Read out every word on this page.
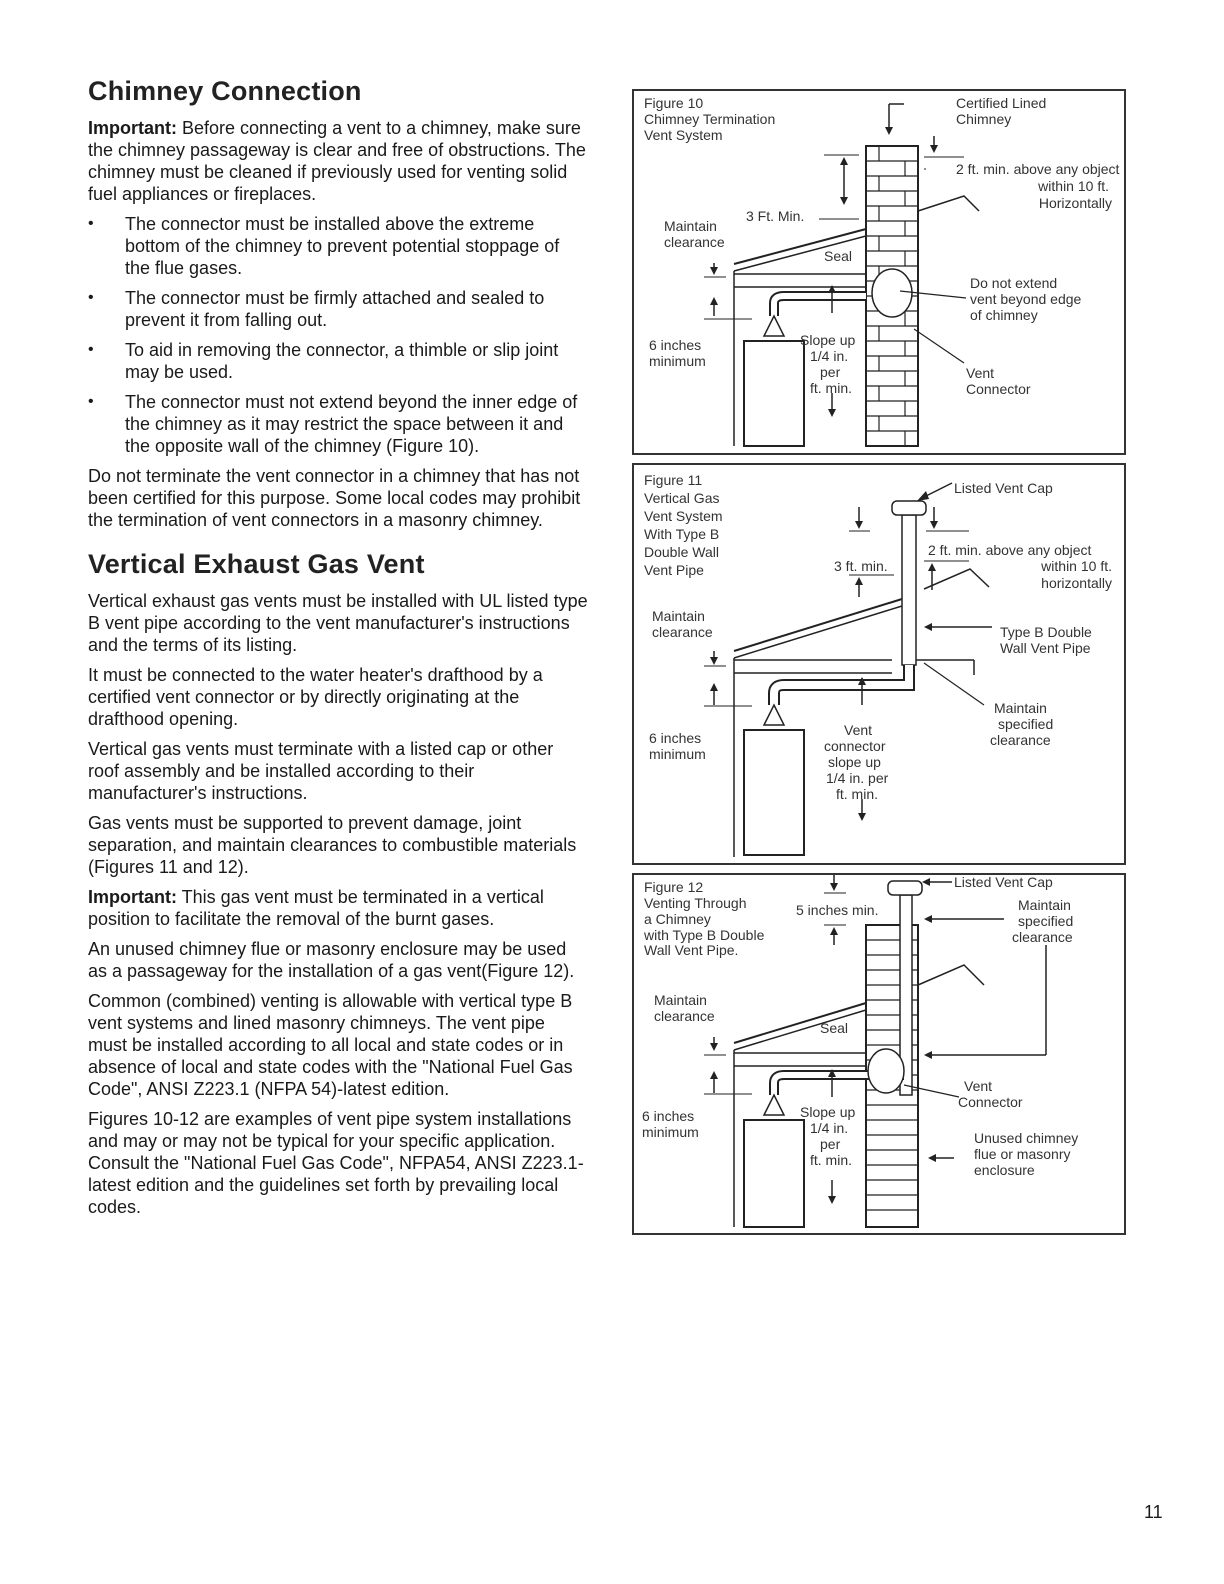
Chimney Connection

Important: Before connecting a vent to a chimney, make sure the chimney passageway is clear and free of obstructions. The chimney must be cleaned if previously used for venting solid fuel appliances or fireplaces.

• The connector must be installed above the extreme bottom of the chimney to prevent potential stoppage of the flue gases.
• The connector must be firmly attached and sealed to prevent it from falling out.
• To aid in removing the connector, a thimble or slip joint may be used.
• The connector must not extend beyond the inner edge of the chimney as it may restrict the space between it and the opposite wall of the chimney (Figure 10).

Do not terminate the vent connector in a chimney that has not been certified for this purpose. Some local codes may prohibit the termination of vent connectors in a masonry chimney.

Vertical Exhaust Gas Vent

Vertical exhaust gas vents must be installed with UL listed type B vent pipe according to the vent manufacturer's instructions and the terms of its listing.

It must be connected to the water heater's drafthood by a certified vent connector or by directly originating at the drafthood opening.

Vertical gas vents must terminate with a listed cap or other roof assembly and be installed according to their manufacturer's instructions.

Gas vents must be supported to prevent damage, joint separation, and maintain clearances to combustible materials (Figures 11 and 12).

Important: This gas vent must be terminated in a vertical position to facilitate the removal of the burnt gases.

An unused chimney flue or masonry enclosure may be used as a passageway for the installation of a gas vent(Figure 12).

Common (combined) venting is allowable with vertical type B vent systems and lined masonry chimneys. The vent pipe must be installed according to all local and state codes or in absence of local and state codes with the "National Fuel Gas Code", ANSI Z223.1 (NFPA 54)-latest edition.

Figures 10-12 are examples of vent pipe system installations and may or may not be typical for your specific application. Consult the "National Fuel Gas Code", NFPA54, ANSI Z223.1-latest edition and the guidelines set forth by prevailing local codes.

Figure 10
Chimney Termination
Vent System
Certified Lined
Chimney
2 ft. min. above any object
within 10 ft.
Horizontally
3 Ft. Min.
Maintain
clearance
Seal
Do not extend
vent beyond edge
of chimney
6 inches
minimum
Slope up
1/4 in.
per
ft. min.
Vent
Connector
Figure 11
Vertical Gas
Vent System
With Type B
Double Wall
Vent Pipe
Listed Vent Cap
2 ft. min. above any object
within 10 ft.
horizontally
3 ft. min.
Maintain
clearance	Type B Double
Wall Vent Pipe
Maintain
specified
clearance
6 inches
minimum
Vent
connector
slope up
1/4 in. per
ft. min.
Figure 12
Venting Through
a Chimney
with Type B Double
Wall Vent Pipe.
Listed Vent Cap
5 inches min.	Maintain
specified
clearance
Maintain
clearance
Seal
Vent
Connector
6 inches
minimum
Slope up
1/4 in.
per
ft. min.
Unused chimney
flue or masonry
enclosure
11
